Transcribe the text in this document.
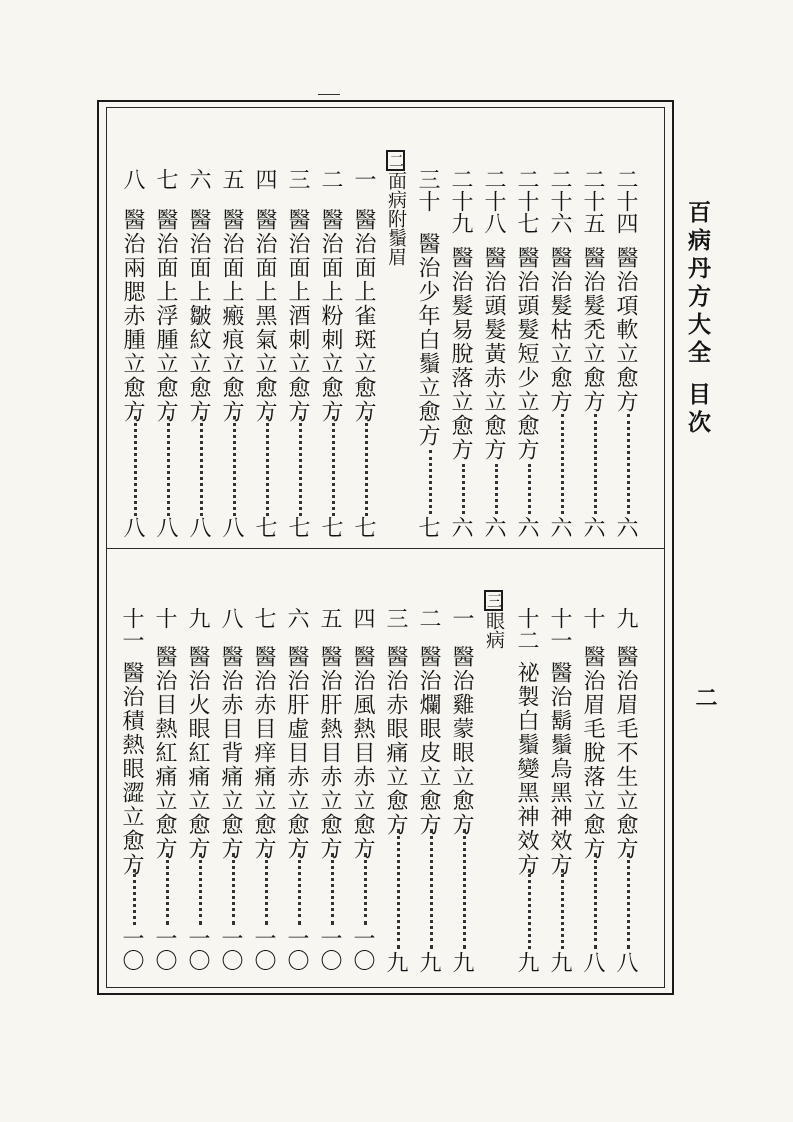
百病丹方大全目次
二
二十四
醫治項軟立愈方
六
二十五
醫治髮禿立愈方
六
二十六
醫治髮枯立愈方
六
二十七
醫治頭髮短少立愈方
六
二十八
醫治頭髮黃赤立愈方
六
二十九
醫治髮易脫落立愈方
六
三十
醫治少年白鬚立愈方
七
二面病附鬚眉
一
醫治面上雀斑立愈方
七
二
醫治面上粉刺立愈方
七
三
醫治面上酒刺立愈方
七
四
醫治面上黑氣立愈方
七
五
醫治面上瘢痕立愈方
八
六
醫治面上皺紋立愈方
八
七
醫治面上浮腫立愈方
八
八
醫治兩腮赤腫立愈方
八
九
醫治眉毛不生立愈方
八
十
醫治眉毛脫落立愈方
八
十一
醫治鬍鬚烏黑神效方
九
十二
祕製白鬚變黑神效方
九
三眼病
一
醫治雞蒙眼立愈方
九
二
醫治爛眼皮立愈方
九
三
醫治赤眼痛立愈方
九
四
醫治風熱目赤立愈方
一〇
五
醫治肝熱目赤立愈方
一〇
六
醫治肝虛目赤立愈方
一〇
七
醫治赤目痒痛立愈方
一〇
八
醫治赤目背痛立愈方
一〇
九
醫治火眼紅痛立愈方
一〇
十
醫治目熱紅痛立愈方
一〇
十一
醫治積熱眼澀立愈方
一〇
